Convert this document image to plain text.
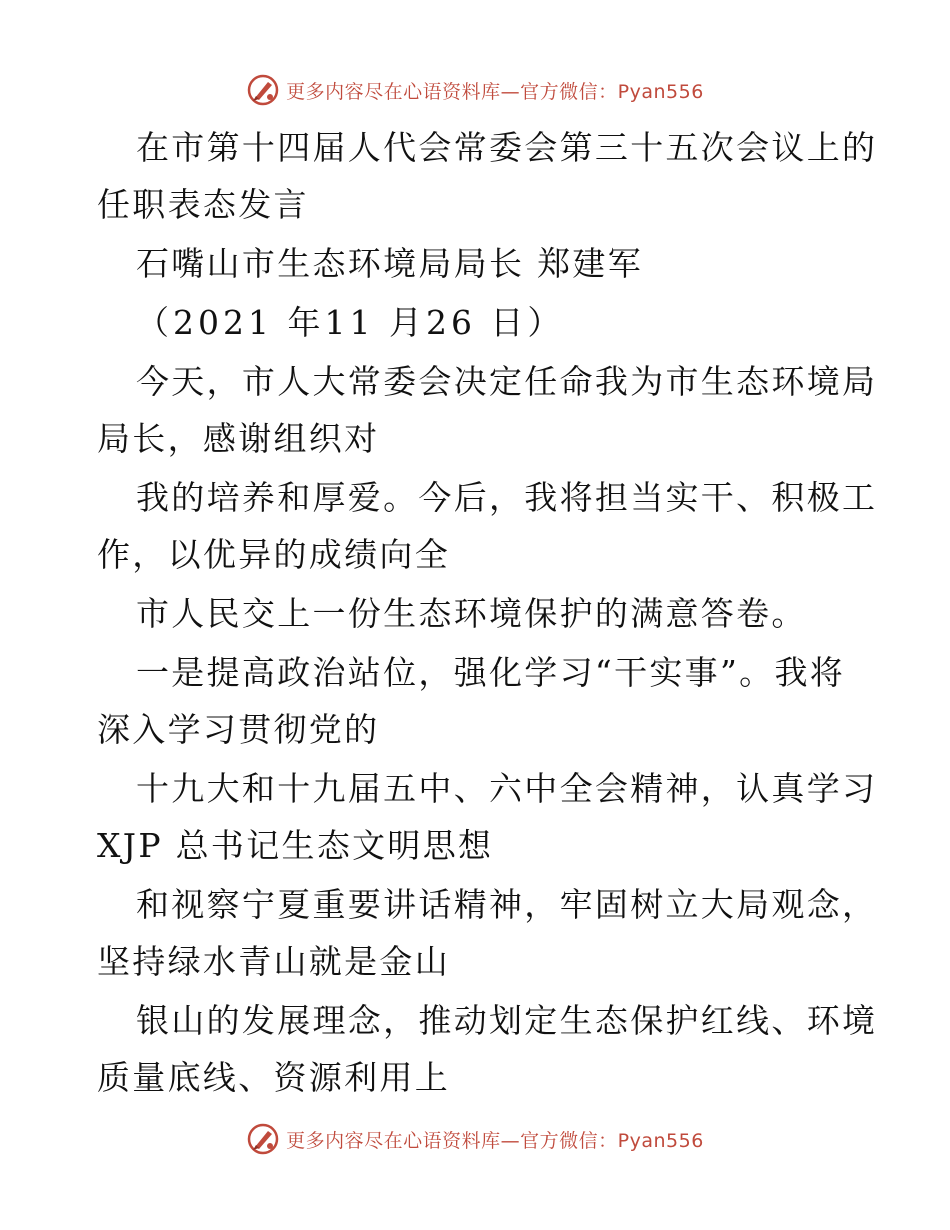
更多内容尽在心语资料库—官方微信：Pyan556
在市第十四届人代会常委会第三十五次会议上的
任职表态发言
石嘴山市生态环境局局长 郑建军
（2021 年11 月26 日）
今天，市人大常委会决定任命我为市生态环境局
局长，感谢组织对
我的培养和厚爱。今后，我将担当实干、积极工
作，以优异的成绩向全
市人民交上一份生态环境保护的满意答卷。
一是提高政治站位，强化学习“干实事”。我将
深入学习贯彻党的
十九大和十九届五中、六中全会精神，认真学习
XJP 总书记生态文明思想
和视察宁夏重要讲话精神，牢固树立大局观念，
坚持绿水青山就是金山
银山的发展理念，推动划定生态保护红线、环境
质量底线、资源利用上
更多内容尽在心语资料库—官方微信：Pyan556
